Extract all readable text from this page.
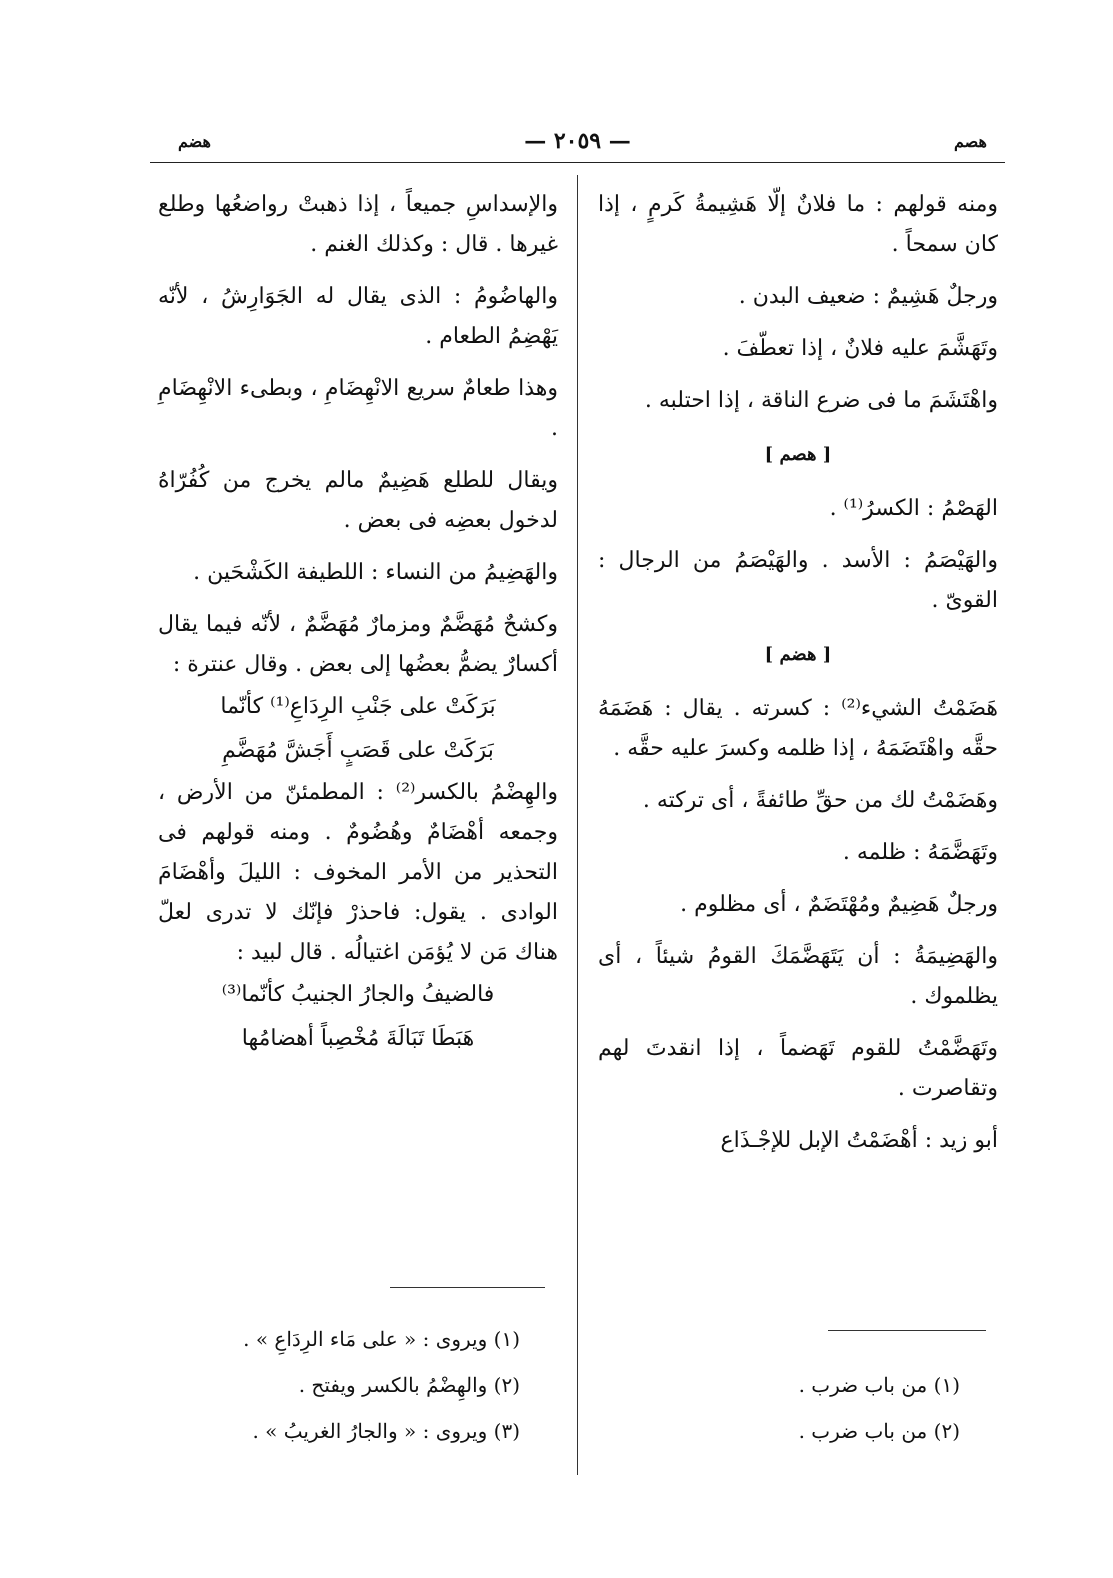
هصم
— ٢٠٥٩ —
هضم

ومنه قولهم : ما فلانٌ إلّا هَشِيمةُ كَرمٍ ، إذا كان سمحاً .

ورجلٌ هَشِيمٌ : ضعيف البدن .

وتَهَشَّمَ عليه فلانٌ ، إذا تعطّفَ .

واهْتَشَمَ ما فى ضرع الناقة ، إذا احتلبه .

[ هصم ]

الهَصْمُ : الكسرُ⁽¹⁾ .

والهَيْصَمُ : الأسد . والهَيْصَمُ من الرجال : القوىّ .

[ هضم ]

هَضَمْتُ الشيء⁽²⁾ : كسرته . يقال : هَضَمَهُ حقَّه واهْتَضَمَهُ ، إذا ظلمه وكسرَ عليه حقَّه .

وهَضَمْتُ لك من حقِّ طائفةً ، أى تركته .

وتَهَضَّمَهُ : ظلمه .

ورجلٌ هَضِيمٌ ومُهْتَضَمٌ ، أى مظلوم .

والهَضِيمَةُ : أن يَتَهَضَّمَكَ القومُ شيئاً ، أى يظلموك .

وتَهَضَّمْتُ للقوم تَهَضماً ، إذا انقدتَ لهم وتقاصرت .

أبو زيد : أهْضَمْتُ الإبل للإجْـذَاع

(١) من باب ضرب .
(٢) من باب ضرب .

والإسداسِ جميعاً ، إذا ذهبتْ رواضعُها وطلع غيرها . قال : وكذلك الغنم .

والهاضُومُ : الذى يقال له الجَوَارِشُ ، لأنّه يَهْضِمُ الطعام .

وهذا طعامٌ سريع الانْهِضَامِ ، وبطىء الانْهِضَامِ .

ويقال للطلع هَضِيمٌ مالم يخرج من كُفُرّاهُ لدخول بعضِه فى بعض .

والهَضِيمُ من النساء : اللطيفة الكَشْحَين .

وكشحٌ مُهَضَّمٌ ومزمارٌ مُهَضَّمٌ ، لأنّه فيما يقال أكسارٌ يضمُّ بعضُها إلى بعض . وقال عنترة :

بَرَكَتْ على جَنْبِ الرِدَاعِ⁽¹⁾ كأنّما

بَرَكَتْ على قَصَبٍ أَجَشَّ مُهَضَّمِ

والهِضْمُ بالكسر⁽²⁾ : المطمئنّ من الأرض ، وجمعه أهْضَامٌ وهُضُومٌ . ومنه قولهم فى التحذير من الأمر المخوف : الليلَ وأهْضَامَ الوادى . يقول: فاحذرْ فإنّك لا تدرى لعلّ هناك مَن لا يُؤمَن اغتيالُه . قال لبيد :

فالضيفُ والجارُ الجنيبُ كأنّما⁽³⁾

هَبَطَا تَبَالَةَ مُخْصِباً أهضامُها

(١) ويروى : « على مَاء الرِدَاعِ » .
(٢) والهِضْمُ بالكسر ويفتح .
(٣) ويروى : « والجارُ الغريبُ » .
